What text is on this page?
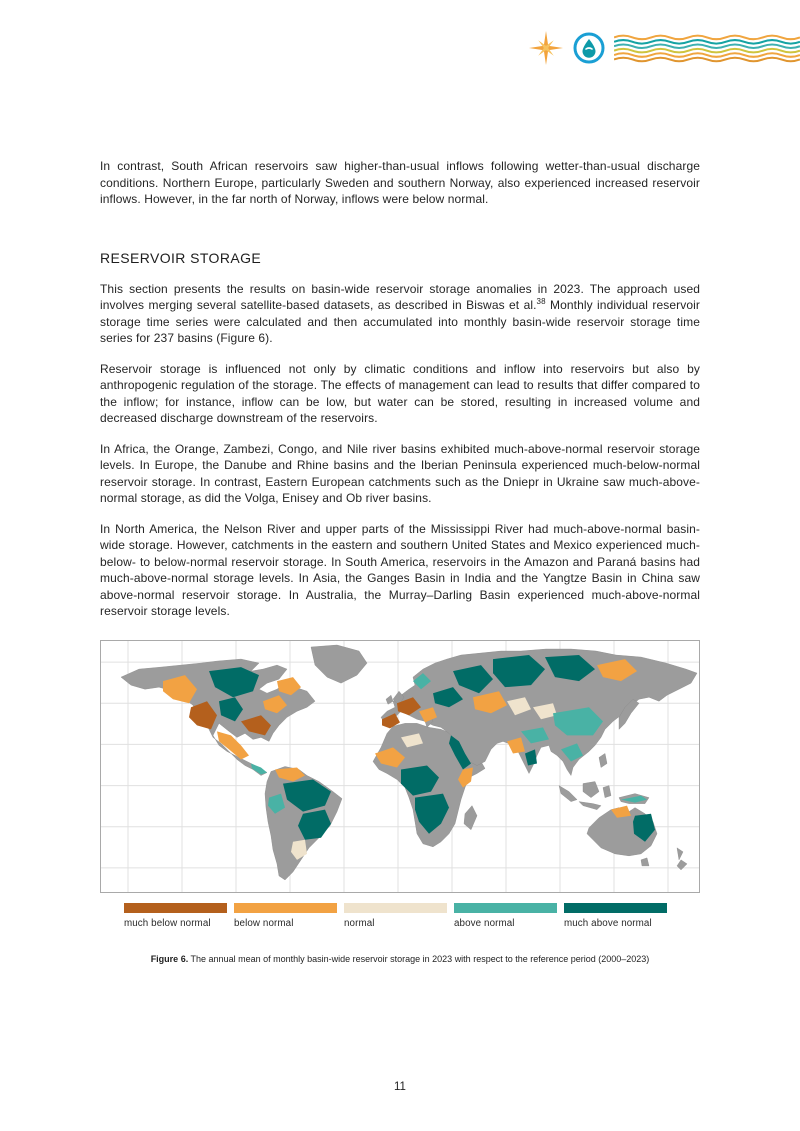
In contrast, South African reservoirs saw higher-than-usual inflows following wetter-than-usual discharge conditions. Northern Europe, particularly Sweden and southern Norway, also experienced increased reservoir inflows. However, in the far north of Norway, inflows were below normal.

RESERVOIR STORAGE

This section presents the results on basin-wide reservoir storage anomalies in 2023. The approach used involves merging several satellite-based datasets, as described in Biswas et al.$^{38}$ Monthly individual reservoir storage time series were calculated and then accumulated into monthly basin-wide reservoir storage time series for 237 basins (Figure 6).

Reservoir storage is influenced not only by climatic conditions and inflow into reservoirs but also by anthropogenic regulation of the storage. The effects of management can lead to results that differ compared to the inflow; for instance, inflow can be low, but water can be stored, resulting in increased volume and decreased discharge downstream of the reservoirs.

In Africa, the Orange, Zambezi, Congo, and Nile river basins exhibited much-above-normal reservoir storage levels. In Europe, the Danube and Rhine basins and the Iberian Peninsula experienced much-below-normal reservoir storage. In contrast, Eastern European catchments such as the Dniepr in Ukraine saw much-above-normal storage, as did the Volga, Enisey and Ob river basins.

In North America, the Nelson River and upper parts of the Mississippi River had much-above-normal basin-wide storage. However, catchments in the eastern and southern United States and Mexico experienced much-below- to below-normal reservoir storage. In South America, reservoirs in the Amazon and Paraná basins had much-above-normal storage levels. In Asia, the Ganges Basin in India and the Yangtze Basin in China saw above-normal reservoir storage. In Australia, the Murray–Darling Basin experienced much-above-normal reservoir storage levels.

much below normal	below normal	normal	above normal	much above normal
Figure 6. The annual mean of monthly basin-wide reservoir storage in 2023 with respect to the reference period (2000–2023)
11
